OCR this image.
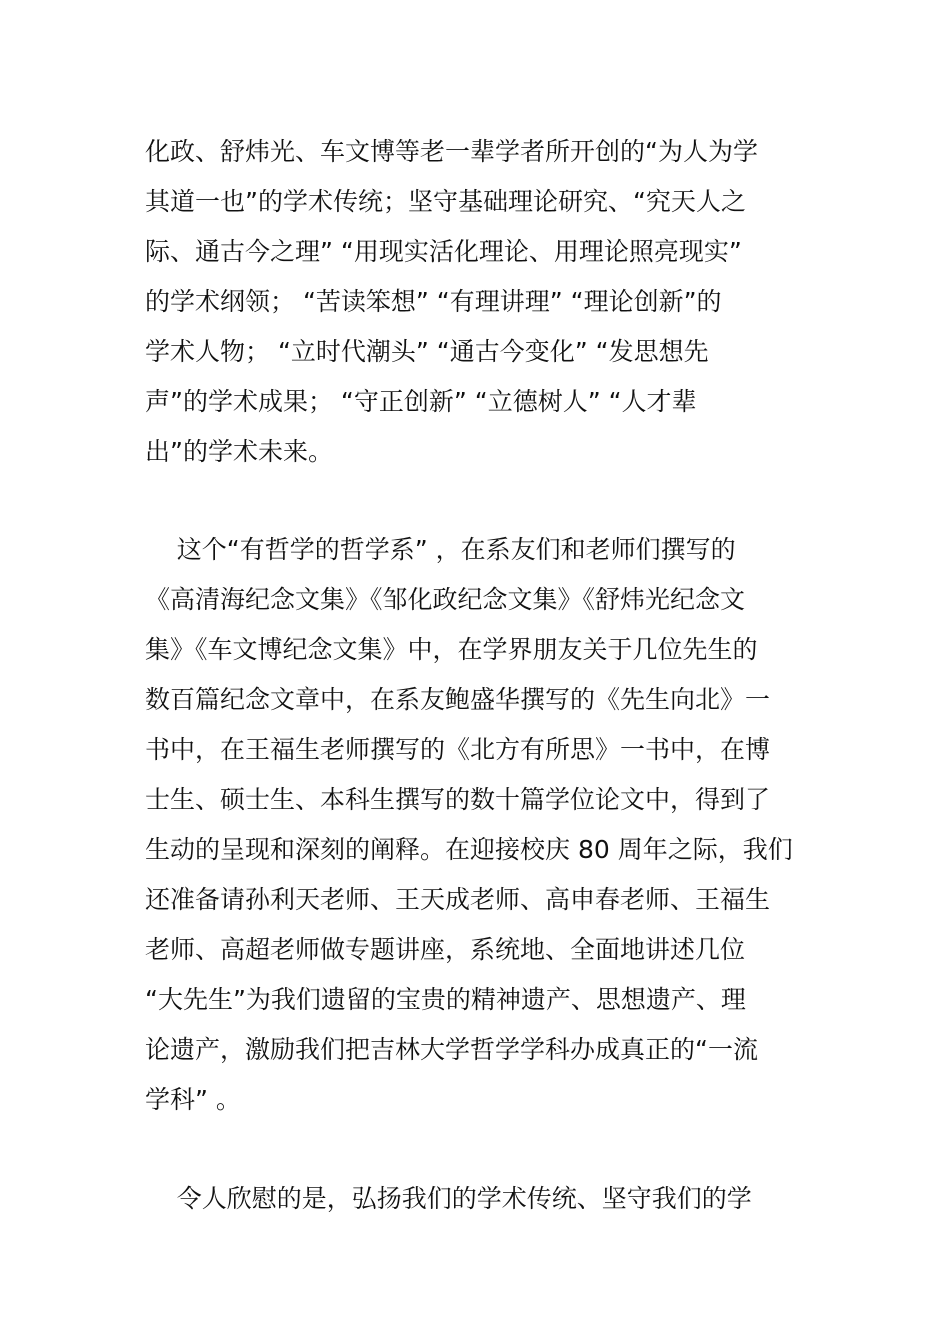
化政、舒炜光、车文博等老一辈学者所开创的“为人为学
其道一也”的学术传统；坚守基础理论研究、“究天人之
际、通古今之理” “用现实活化理论、用理论照亮现实”
的学术纲领； “苦读笨想” “有理讲理” “理论创新”的
学术人物； “立时代潮头” “通古今变化” “发思想先
声”的学术成果； “守正创新” “立德树人” “人才辈
出”的学术未来。
这个“有哲学的哲学系” ，在系友们和老师们撰写的
《高清海纪念文集》《邹化政纪念文集》《舒炜光纪念文
集》《车文博纪念文集》中，在学界朋友关于几位先生的
数百篇纪念文章中，在系友鲍盛华撰写的《先生向北》一
书中，在王福生老师撰写的《北方有所思》一书中，在博
士生、硕士生、本科生撰写的数十篇学位论文中，得到了
生动的呈现和深刻的阐释。在迎接校庆 80 周年之际，我们
还准备请孙利天老师、王天成老师、高申春老师、王福生
老师、高超老师做专题讲座，系统地、全面地讲述几位
“大先生”为我们遗留的宝贵的精神遗产、思想遗产、理
论遗产，激励我们把吉林大学哲学学科办成真正的“一流
学科” 。
令人欣慰的是，弘扬我们的学术传统、坚守我们的学
